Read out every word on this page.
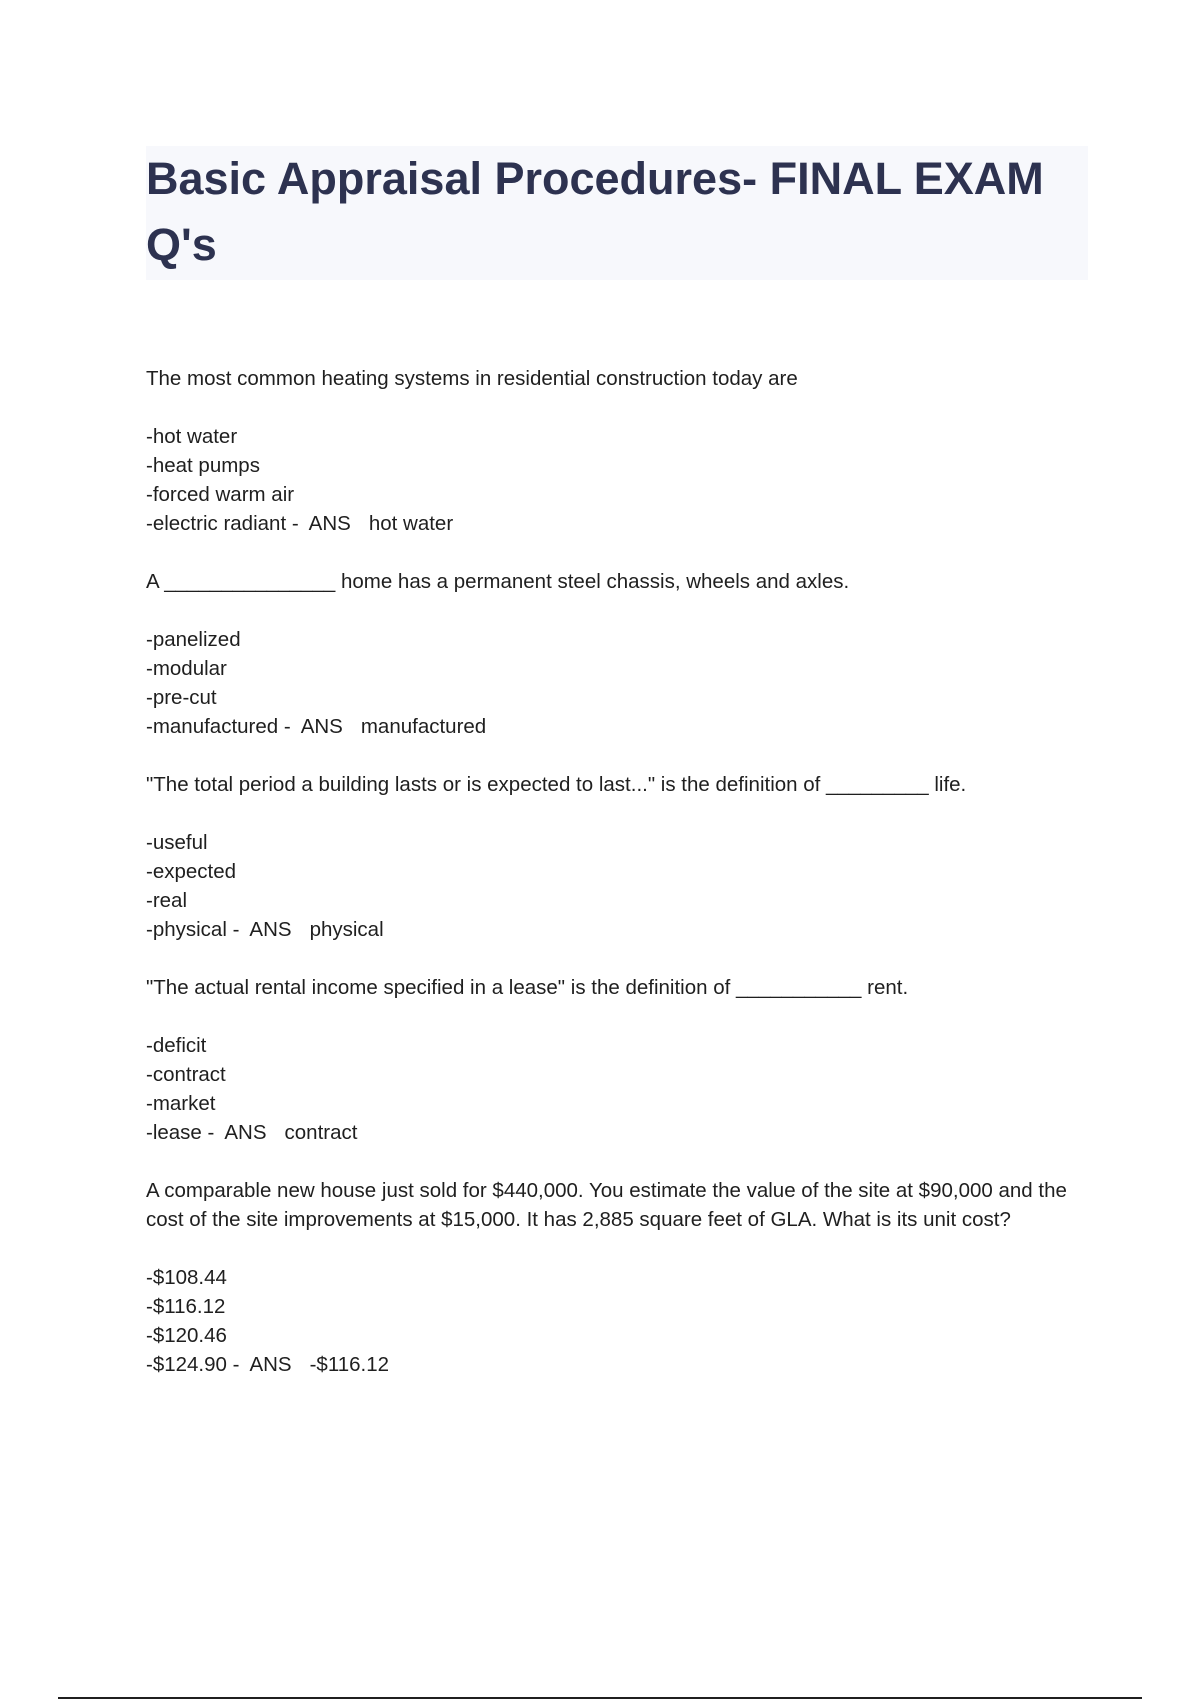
Basic Appraisal Procedures- FINAL EXAM Q's

The most common heating systems in residential construction today are

-hot water

-heat pumps

-forced warm air

-electric radiant - ANS hot water

A _______________ home has a permanent steel chassis, wheels and axles.

-panelized

-modular

-pre-cut

-manufactured - ANS manufactured

"The total period a building lasts or is expected to last..." is the definition of _________ life.

-useful

-expected

-real

-physical - ANS physical

"The actual rental income specified in a lease" is the definition of ___________ rent.

-deficit

-contract

-market

-lease - ANS contract

A comparable new house just sold for $440,000. You estimate the value of the site at $90,000 and the cost of the site improvements at $15,000. It has 2,885 square feet of GLA. What is its unit cost?

-$108.44

-$116.12

-$120.46

-$124.90 - ANS -$116.12
